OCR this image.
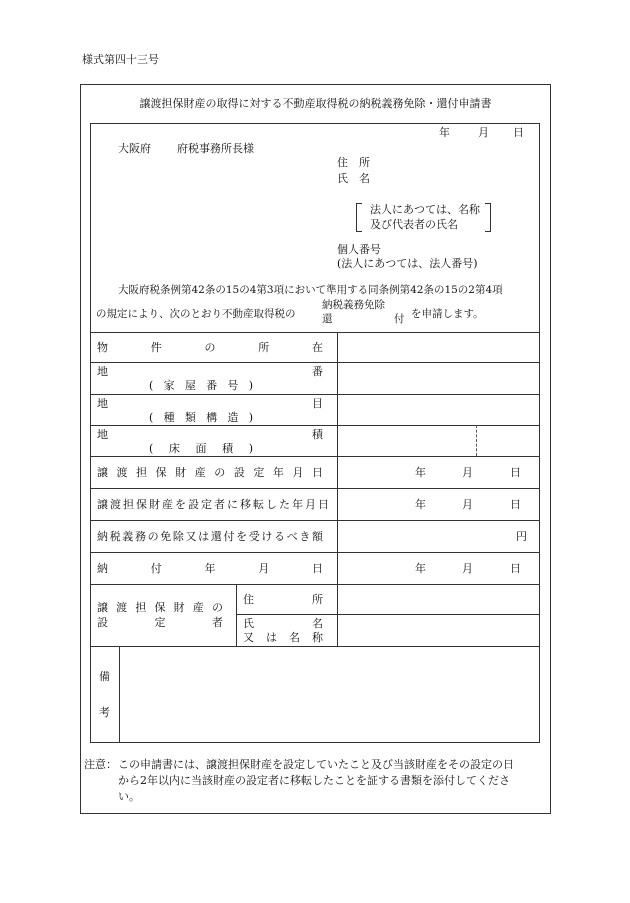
様式第四十三号
譲渡担保財産の取得に対する不動産取得税の納税義務免除・還付申請書
年	月 日
大阪府 府税事務所長様
住　所
氏　名
法人にあつては、名称
及び代表者の氏名
個人番号
(法人にあつては、法人番号)
大阪府税条例第42条の15の4第3項において準用する同条例第42条の15の2第4項
の規定により、次のとおり不動産取得税の
納税義務免除
還	付 を申請します。
物件の所在
地番
(家屋番号)
地目
(種類構造)
地積
(床面積)
譲渡担保財産の設定年月日	年	月	日
譲渡担保財産を設定者に移転した年月日	年	月	日
納税義務の免除又は還付を受けるべき額	円
納付年月日	年	月	日
譲渡担保財産の
設定者
住所
氏名
又は名称
備
考
注意： この申請書には、譲渡担保財産を設定していたこと及び当該財産をその設定の日
から2年以内に当該財産の設定者に移転したことを証する書類を添付してくださ
い。
